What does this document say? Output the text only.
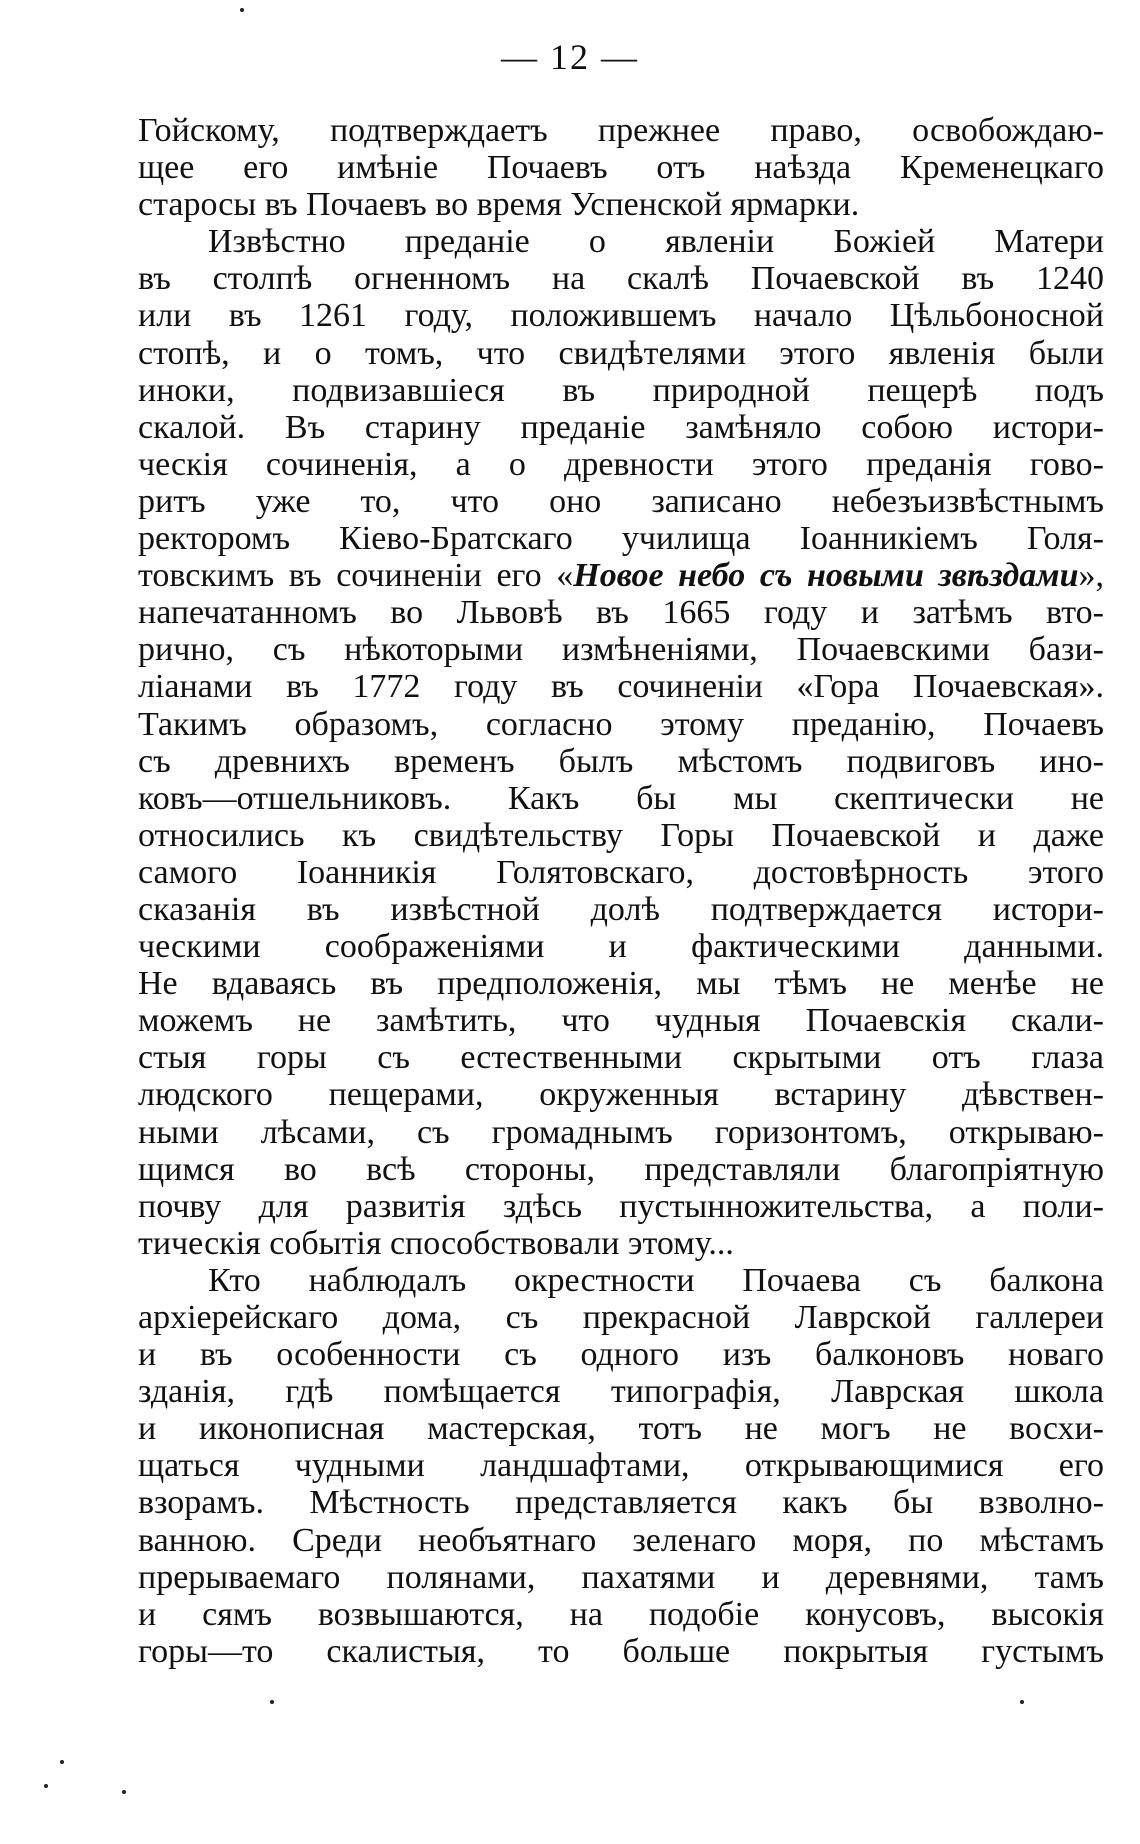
— 12 —
Гойскому, подтверждаетъ прежнее право, освобождаю-
щее его имѣніе Почаевъ отъ наѣзда Кременецкаго
старосы въ Почаевъ во время Успенской ярмарки.
Извѣстно преданіе о явленіи Божіей Матери
въ столпѣ огненномъ на скалѣ Почаевской въ 1240
или въ 1261 году, положившемъ начало Цѣльбоносной
стопѣ, и о томъ, что свидѣтелями этого явленія были
иноки, подвизавшіеся въ природной пещерѣ подъ
скалой. Въ старину преданіе замѣняло собою истори-
ческія сочиненія, а о древности этого преданія гово-
ритъ уже то, что оно записано небезъизвѣстнымъ
ректоромъ Кіево-Братскаго училища Іоанникіемъ Голя-
товскимъ въ сочиненіи его «Новое небо съ новыми звѣздами»,
напечатанномъ во Львовѣ въ 1665 году и затѣмъ вто-
рично, съ нѣкоторыми измѣненіями, Почаевскими бази-
ліанами въ 1772 году въ сочиненіи «Гора Почаевская».
Такимъ образомъ, согласно этому преданію, Почаевъ
съ древнихъ временъ былъ мѣстомъ подвиговъ ино-
ковъ—отшельниковъ. Какъ бы мы скептически не
относились къ свидѣтельству Горы Почаевской и даже
самого Іоанникія Голятовскаго, достовѣрность этого
сказанія въ извѣстной долѣ подтверждается истори-
ческими соображеніями и фактическими данными.
Не вдаваясь въ предположенія, мы тѣмъ не менѣе не
можемъ не замѣтить, что чудныя Почаевскія скали-
стыя горы съ естественными скрытыми отъ глаза
людского пещерами, окруженныя встарину дѣвствен-
ными лѣсами, съ громаднымъ горизонтомъ, открываю-
щимся во всѣ стороны, представляли благопріятную
почву для развитія здѣсь пустынножительства, а поли-
тическія событія способствовали этому...
Кто наблюдалъ окрестности Почаева съ балкона
архіерейскаго дома, съ прекрасной Лаврской галлереи
и въ особенности съ одного изъ балконовъ новаго
зданія, гдѣ помѣщается типографія, Лаврская школа
и иконописная мастерская, тотъ не могъ не восхи-
щаться чудными ландшафтами, открывающимися его
взорамъ. Мѣстность представляется какъ бы взволно-
ванною. Среди необъятнаго зеленаго моря, по мѣстамъ
прерываемаго полянами, пахатями и деревнями, тамъ
и сямъ возвышаются, на подобіе конусовъ, высокія
горы—то скалистыя, то больше покрытыя густымъ
